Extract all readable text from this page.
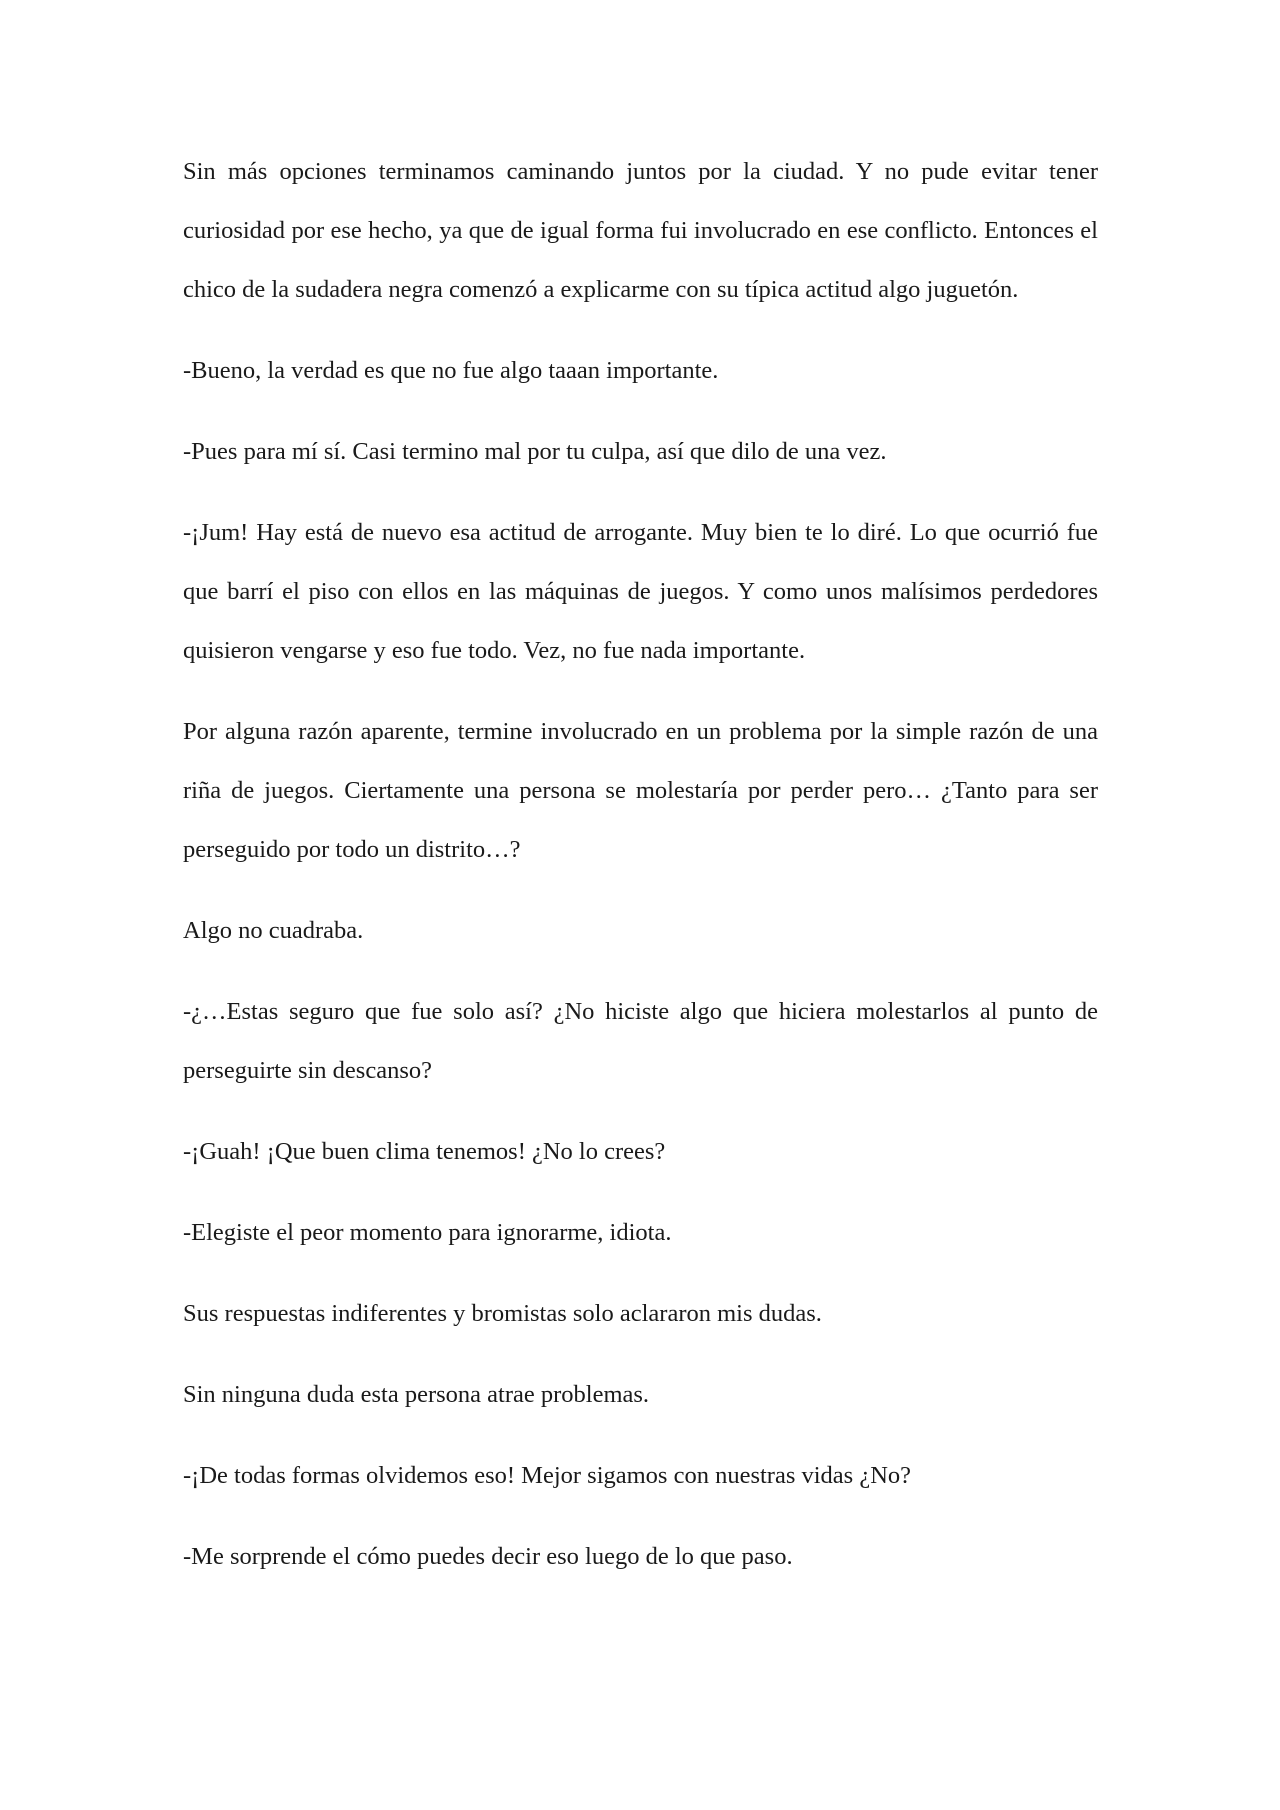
Sin más opciones terminamos caminando juntos por la ciudad. Y no pude evitar tener curiosidad por ese hecho, ya que de igual forma fui involucrado en ese conflicto. Entonces el chico de la sudadera negra comenzó a explicarme con su típica actitud algo juguetón.

-Bueno, la verdad es que no fue algo taaan importante.

-Pues para mí sí. Casi termino mal por tu culpa, así que dilo de una vez.

-¡Jum! Hay está de nuevo esa actitud de arrogante. Muy bien te lo diré. Lo que ocurrió fue que barrí el piso con ellos en las máquinas de juegos. Y como unos malísimos perdedores quisieron vengarse y eso fue todo. Vez, no fue nada importante.

Por alguna razón aparente, termine involucrado en un problema por la simple razón de una riña de juegos. Ciertamente una persona se molestaría por perder pero… ¿Tanto para ser perseguido por todo un distrito…?

Algo no cuadraba.

-¿…Estas seguro que fue solo así? ¿No hiciste algo que hiciera molestarlos al punto de perseguirte sin descanso?

-¡Guah! ¡Que buen clima tenemos! ¿No lo crees?

-Elegiste el peor momento para ignorarme, idiota.

Sus respuestas indiferentes y bromistas solo aclararon mis dudas.

Sin ninguna duda esta persona atrae problemas.

-¡De todas formas olvidemos eso! Mejor sigamos con nuestras vidas ¿No?

-Me sorprende el cómo puedes decir eso luego de lo que paso.
